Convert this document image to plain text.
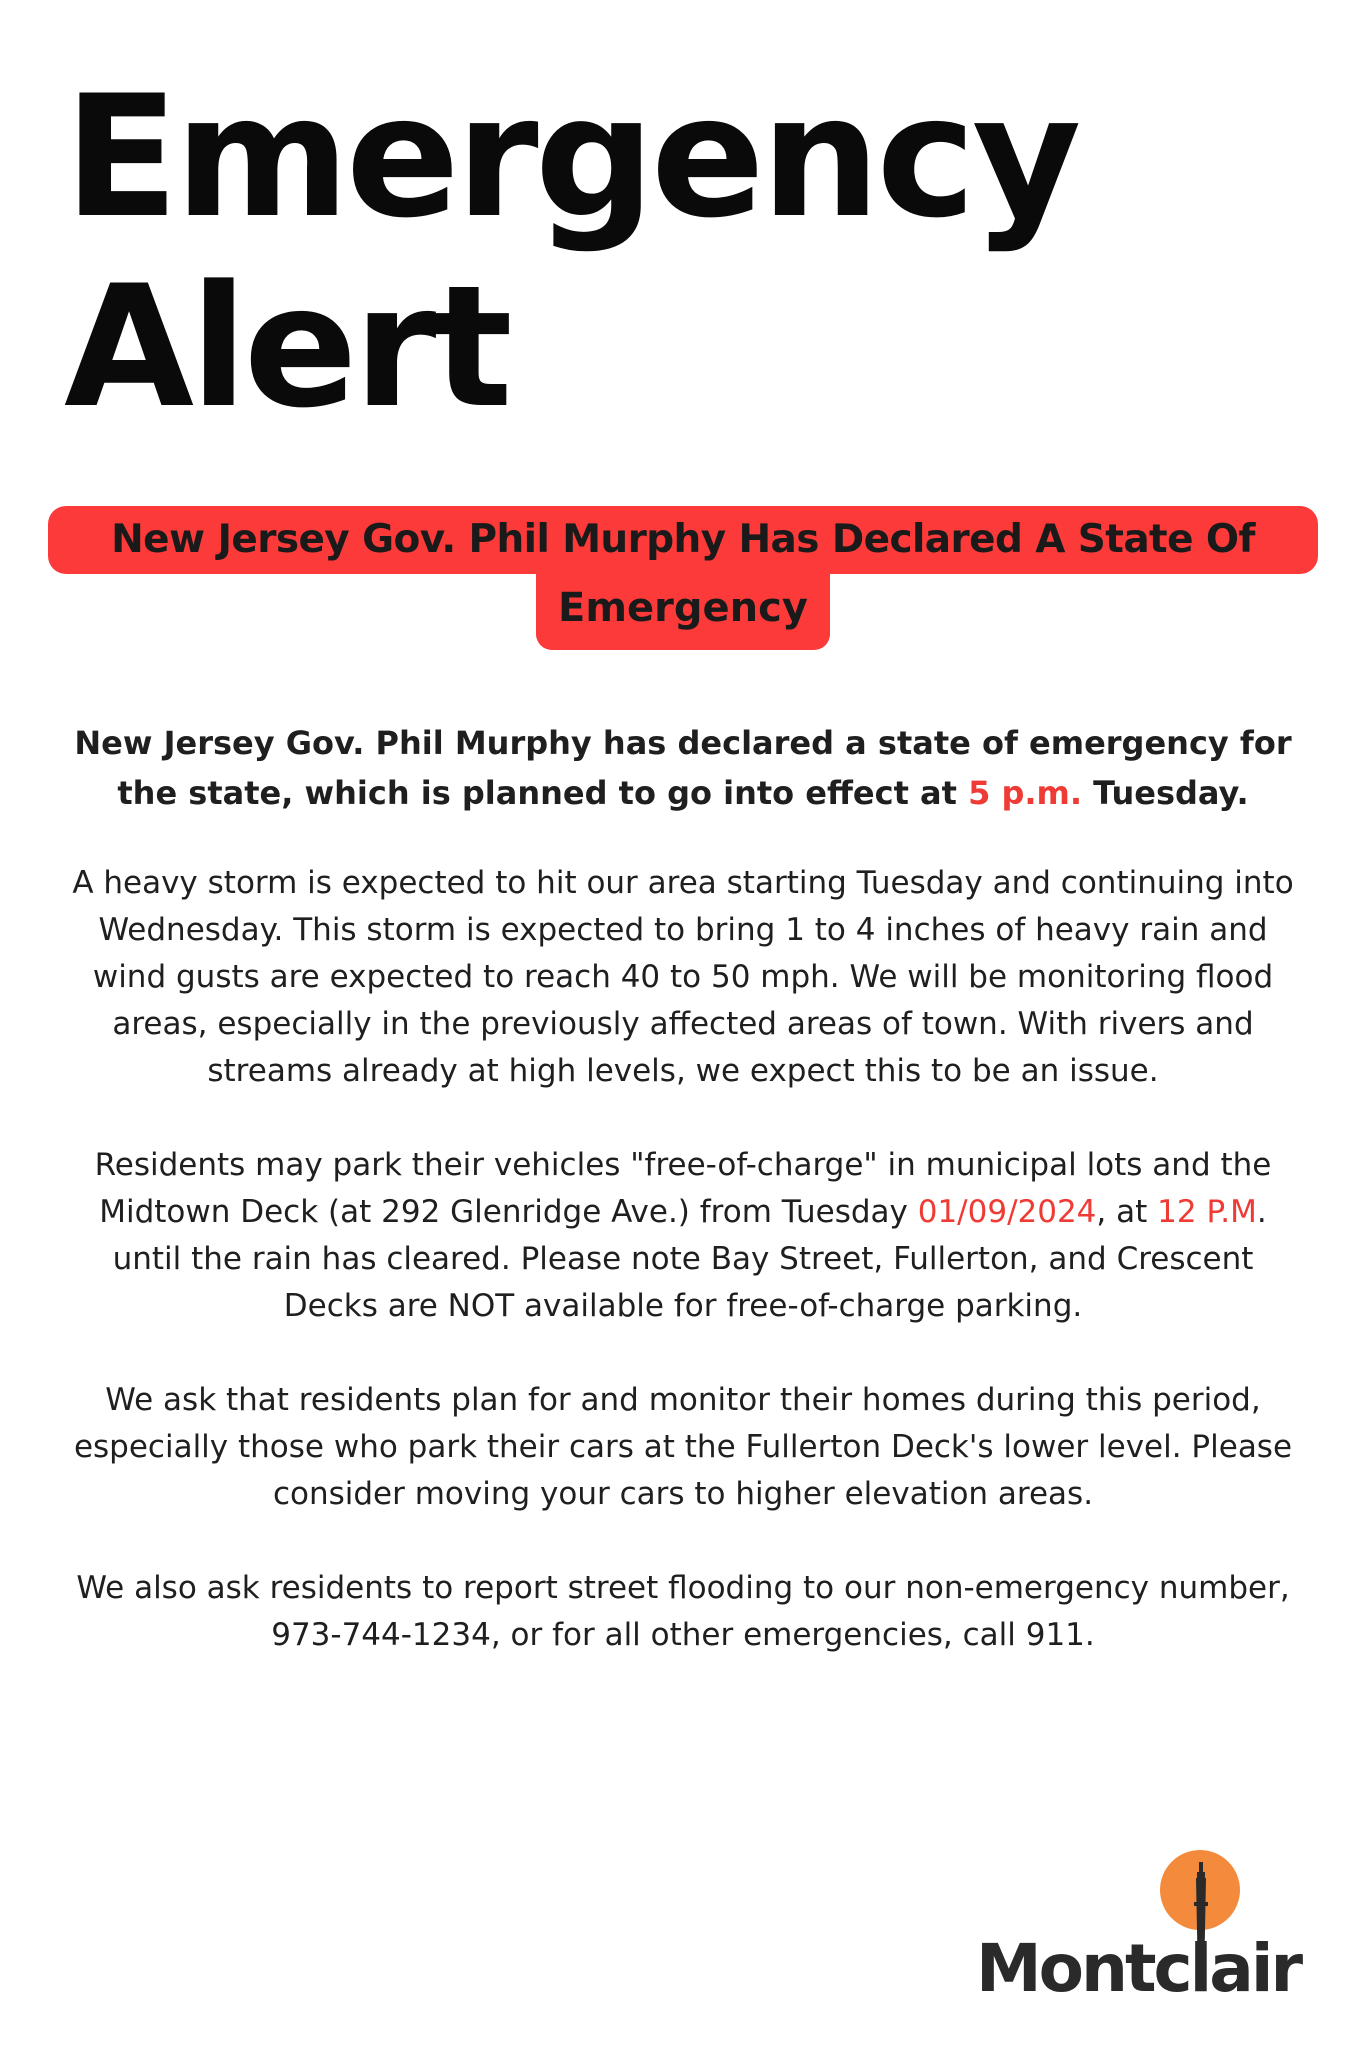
Emergency
Alert
New Jersey Gov. Phil Murphy Has Declared A State Of
Emergency

New Jersey Gov. Phil Murphy has declared a state of emergency for the state, which is planned to go into effect at 5 p.m. Tuesday.

A heavy storm is expected to hit our area starting Tuesday and continuing into Wednesday. This storm is expected to bring 1 to 4 inches of heavy rain and wind gusts are expected to reach 40 to 50 mph. We will be monitoring flood areas, especially in the previously affected areas of town. With rivers and streams already at high levels, we expect this to be an issue.

Residents may park their vehicles "free-of-charge" in municipal lots and the Midtown Deck (at 292 Glenridge Ave.) from Tuesday 01/09/2024, at 12 P.M. until the rain has cleared. Please note Bay Street, Fullerton, and Crescent Decks are NOT available for free-of-charge parking.

We ask that residents plan for and monitor their homes during this period, especially those who park their cars at the Fullerton Deck's lower level. Please consider moving your cars to higher elevation areas.

We also ask residents to report street flooding to our non-emergency number, 973-744-1234, or for all other emergencies, call 911.

Montclair
